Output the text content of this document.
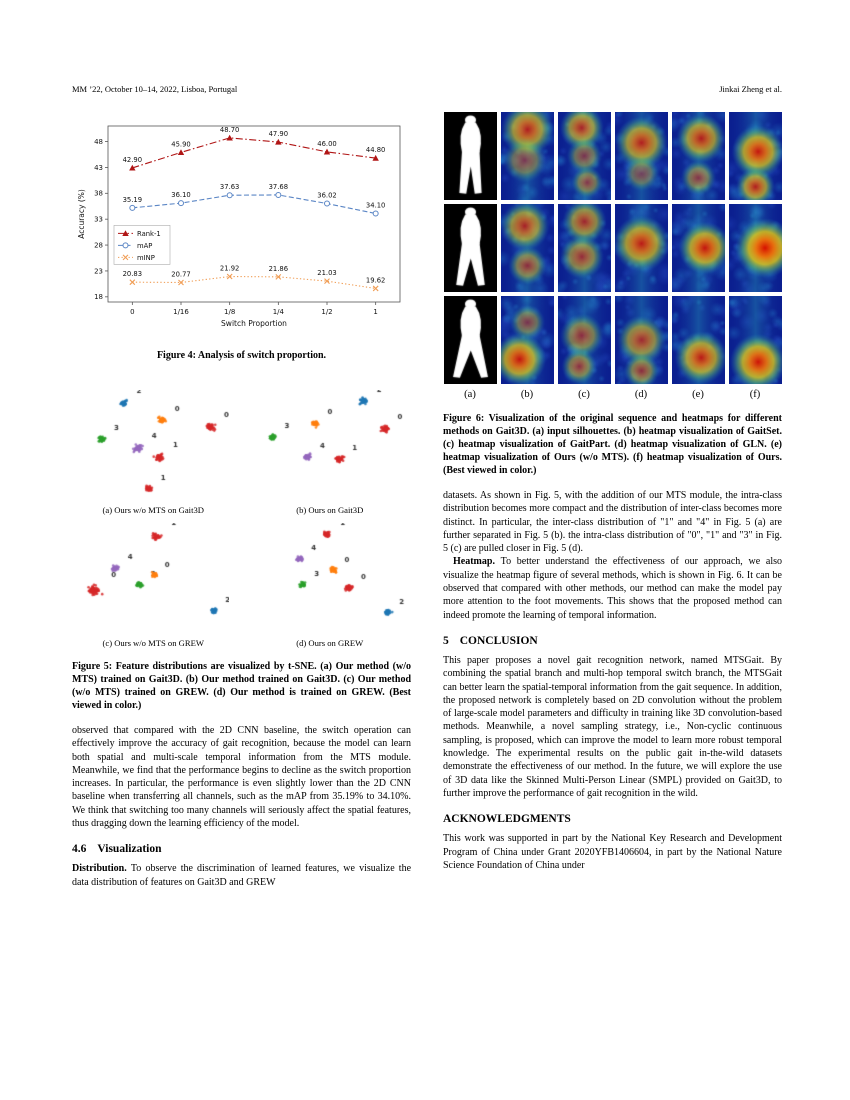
MM ’22, October 10–14, 2022, Lisboa, Portugal	Jinkai Zheng et al.
18
23
28
33
38
43
48
0	1/16	1/8	1/4	1/2	1
Switch Proportion
Accuracy (%)
42.90
45.90
48.70
47.90
46.00
44.80
35.19
36.10
37.63	37.68
36.02
34.10
20.83	20.77
21.92	21.86
21.03
19.62
Rank-1
mAP
mINP
Figure 4: Analysis of switch proportion.
(a) Ours w/o MTS on Gait3D	(b) Ours on Gait3D
(c) Ours w/o MTS on GREW	(d) Ours on GREW
Figure 5: Feature distributions are visualized by t-SNE. (a) Our method (w/o MTS) trained on Gait3D. (b) Our method trained on Gait3D. (c) Our method (w/o MTS) trained on GREW. (d) Our method is trained on GREW. (Best viewed in color.)

observed that compared with the 2D CNN baseline, the switch operation can effectively improve the accuracy of gait recognition, because the model can learn both spatial and multi-scale temporal information from the MTS module. Meanwhile, we find that the performance begins to decline as the switch proportion increases. In particular, the performance is even slightly lower than the 2D CNN baseline when transferring all channels, such as the mAP from 35.19% to 34.10%. We think that switching too many channels will seriously affect the spatial features, thus dragging down the learning efficiency of the model.

4.6 Visualization

Distribution. To observe the discrimination of learned features, we visualize the data distribution of features on Gait3D and GREW

(a)	(b)	(c)	(d)	(e)	(f)
Figure 6: Visualization of the original sequence and heatmaps for different methods on Gait3D. (a) input silhouettes. (b) heatmap visualization of GaitSet. (c) heatmap visualization of GaitPart. (d) heatmap visualization of GLN. (e) heatmap visualization of Ours (w/o MTS). (f) heatmap visualization of Ours. (Best viewed in color.)

datasets. As shown in Fig. 5, with the addition of our MTS module, the intra-class distribution becomes more compact and the distribution of inter-class becomes more distinct. In particular, the inter-class distribution of "1" and "4" in Fig. 5 (a) are further separated in Fig. 5 (b). the intra-class distribution of "0", "1" and "3" in Fig. 5 (c) are pulled closer in Fig. 5 (d).

Heatmap. To better understand the effectiveness of our approach, we also visualize the heatmap figure of several methods, which is shown in Fig. 6. It can be observed that compared with other methods, our method can make the model pay more attention to the foot movements. This shows that the proposed method can indeed promote the learning of temporal information.

5 CONCLUSION

This paper proposes a novel gait recognition network, named MTSGait. By combining the spatial branch and multi-hop temporal switch branch, the MTSGait can better learn the spatial-temporal information from the gait sequence. In addition, the proposed network is completely based on 2D convolution without the problem of large-scale model parameters and difficulty in training like 3D convolution-based methods. Meanwhile, a novel sampling strategy, i.e., Non-cyclic continuous sampling, is proposed, which can improve the model to learn more robust temporal knowledge. The experimental results on the public gait in-the-wild datasets demonstrate the effectiveness of our method. In the future, we will explore the use of 3D data like the Skinned Multi-Person Linear (SMPL) provided on Gait3D, to further improve the performance of gait recognition in the wild.

ACKNOWLEDGMENTS

This work was supported in part by the National Key Research and Development Program of China under Grant 2020YFB1406604, in part by the National Nature Science Foundation of China under
